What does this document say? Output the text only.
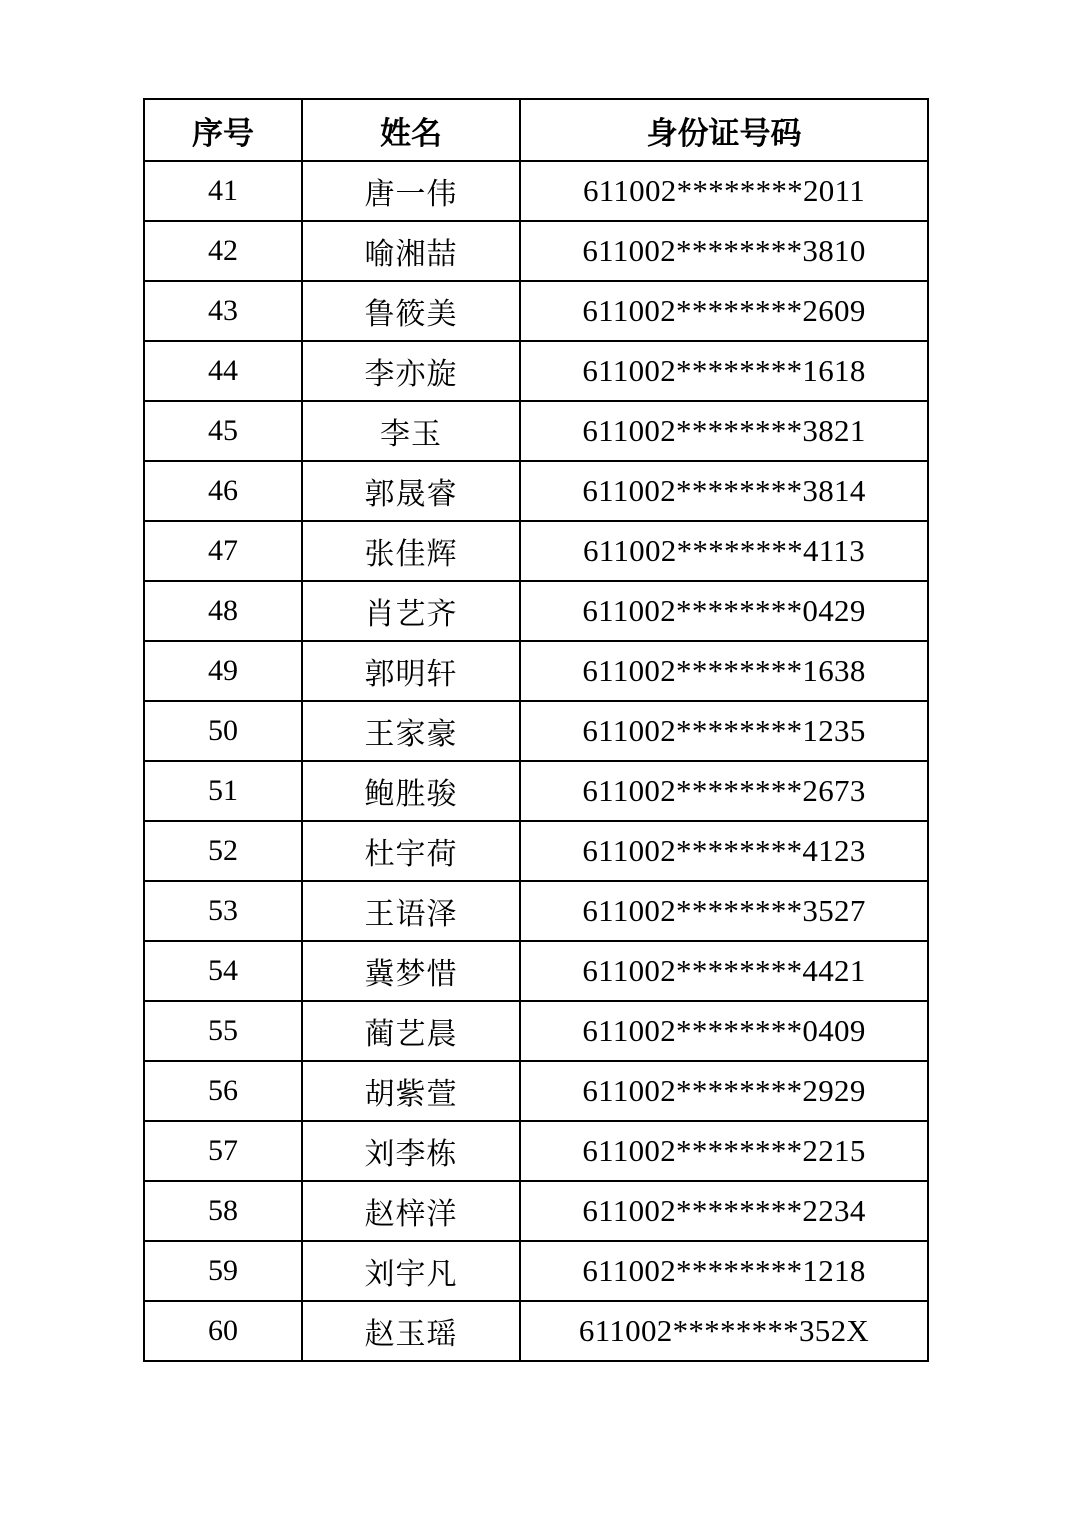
序号	姓名	身份证号码
41	唐一伟	611002********2011
42	喻湘喆	611002********3810
43	鲁筱美	611002********2609
44	李亦旋	611002********1618
45	李玉	611002********3821
46	郭晟睿	611002********3814
47	张佳辉	611002********4113
48	肖艺齐	611002********0429
49	郭明轩	611002********1638
50	王家豪	611002********1235
51	鲍胜骏	611002********2673
52	杜宇荷	611002********4123
53	王语泽	611002********3527
54	冀梦惜	611002********4421
55	蔺艺晨	611002********0409
56	胡紫萱	611002********2929
57	刘李栋	611002********2215
58	赵梓洋	611002********2234
59	刘宇凡	611002********1218
60	赵玉瑶	611002********352X
